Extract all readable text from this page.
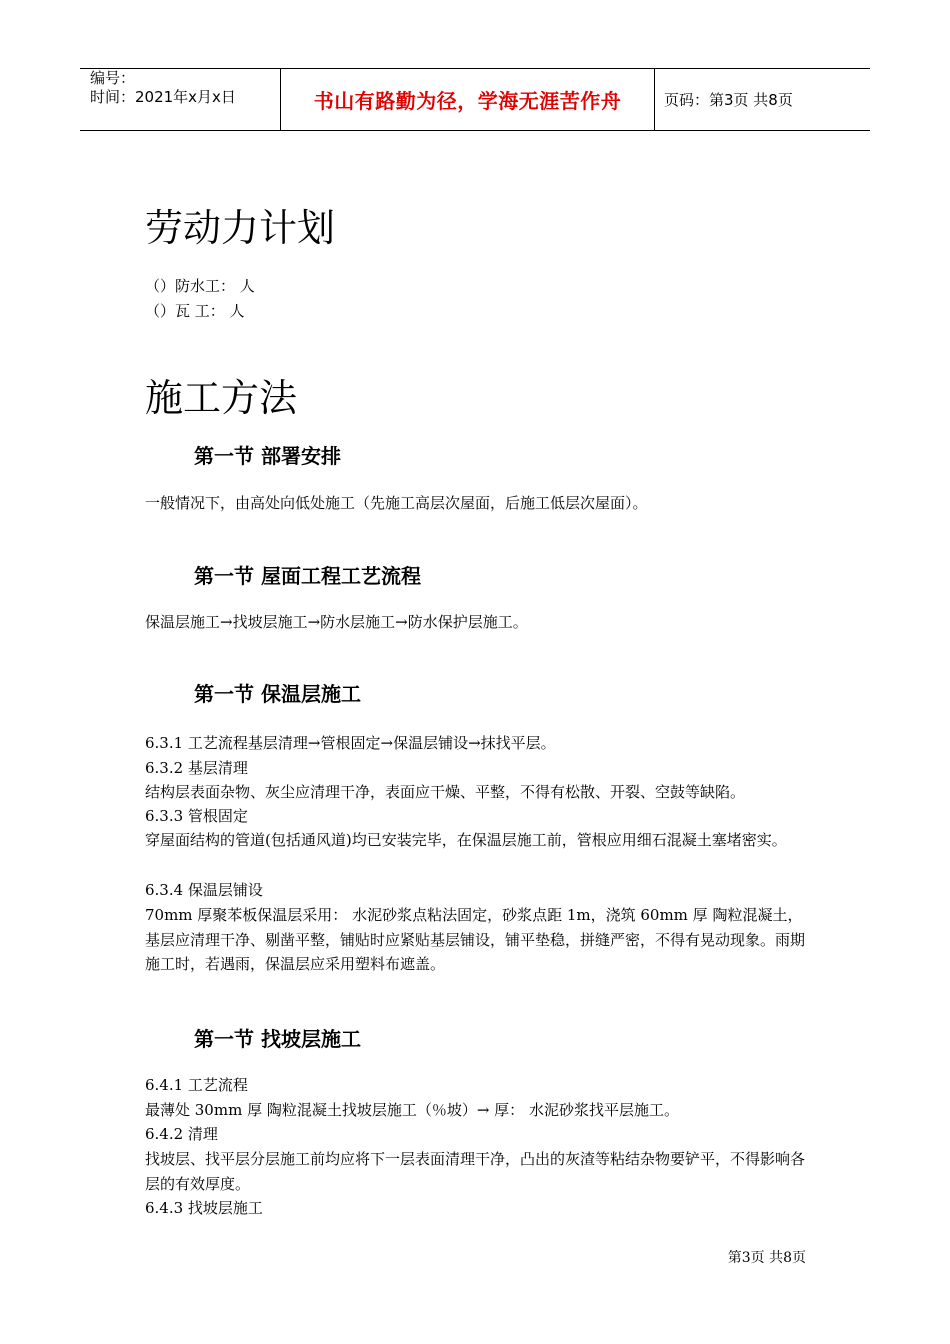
编号：
时间：2021年x月x日	书山有路勤为径，学海无涯苦作舟	页码：第3页 共8页
劳动力计划
（）防水工： 人
（）瓦 工： 人
施工方法
第一节 部署安排
一般情况下，由高处向低处施工（先施工高层次屋面，后施工低层次屋面）。
第一节 屋面工程工艺流程
保温层施工→找坡层施工→防水层施工→防水保护层施工。
第一节 保温层施工
6.3.1 工艺流程基层清理→管根固定→保温层铺设→抹找平层。
6.3.2 基层清理
结构层表面杂物、灰尘应清理干净，表面应干燥、平整，不得有松散、开裂、空鼓等缺陷。
6.3.3 管根固定
穿屋面结构的管道(包括通风道)均已安装完毕，在保温层施工前，管根应用细石混凝土塞堵密实。
6.3.4 保温层铺设
70mm 厚聚苯板保温层采用： 水泥砂浆点粘法固定，砂浆点距 1m，浇筑 60mm 厚 陶粒混凝土，基层应清理干净、剔凿平整，铺贴时应紧贴基层铺设，铺平垫稳，拼缝严密，不得有晃动现象。雨期施工时，若遇雨，保温层应采用塑料布遮盖。
第一节 找坡层施工
6.4.1 工艺流程
最薄处 30mm 厚 陶粒混凝土找坡层施工（％坡）→ 厚： 水泥砂浆找平层施工。
6.4.2 清理
找坡层、找平层分层施工前均应将下一层表面清理干净，凸出的灰渣等粘结杂物要铲平，不得影响各层的有效厚度。
6.4.3 找坡层施工
第3页 共8页
